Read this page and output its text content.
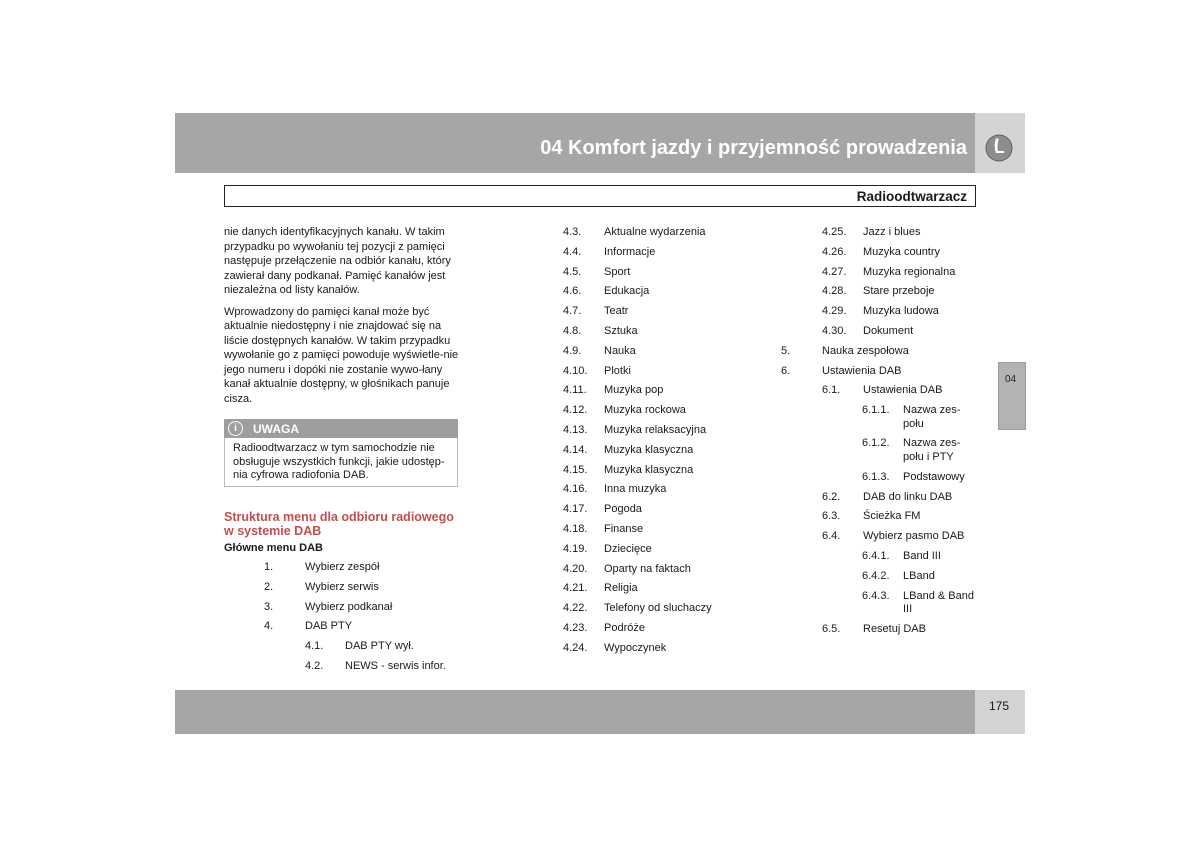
04 Komfort jazdy i przyjemność prowadzenia
Radioodtwarzacz

nie danych identyfikacyjnych kanału. W takim przypadku po wywołaniu tej pozycji z pamięci następuje przełączenie na odbiór kanału, który zawierał dany podkanał. Pamięć kanałów jest niezależna od listy kanałów.

Wprowadzony do pamięci kanał może być aktualnie niedostępny i nie znajdować się na liście dostępnych kanałów. W takim przypadku wywołanie go z pamięci powoduje wyświetle-nie jego numeru i dopóki nie zostanie wywo-łany kanał aktualnie dostępny, w głośnikach panuje cisza.

i	UWAGA
Radioodtwarzacz w tym samochodzie nie obsługuje wszystkich funkcji, jakie udostęp-nia cyfrowa radiofonia DAB.
Struktura menu dla odbioru radiowego w systemie DAB
Główne menu DAB
1.	Wybierz zespół
2.	Wybierz serwis
3.	Wybierz podkanał
4.	DAB PTY
4.1. DAB PTY wył.
4.2. NEWS - serwis infor.
4.3. Aktualne wydarzenia
4.4. Informacje
4.5. Sport
4.6. Edukacja
4.7. Teatr
4.8. Sztuka
4.9. Nauka
4.10. Plotki
4.11. Muzyka pop
4.12. Muzyka rockowa
4.13. Muzyka relaksacyjna
4.14. Muzyka klasyczna
4.15. Muzyka klasyczna
4.16. Inna muzyka
4.17. Pogoda
4.18. Finanse
4.19. Dziecięce
4.20. Oparty na faktach
4.21. Religia
4.22. Telefony od sluchaczy
4.23. Podróże
4.24. Wypoczynek
4.25. Jazz i blues
4.26. Muzyka country
4.27. Muzyka regionalna
4.28. Stare przeboje
4.29. Muzyka ludowa
4.30. Dokument
5.	Nauka zespołowa
6.	Ustawienia DAB
6.1. Ustawienia DAB
6.1.1. Nazwa zes-
połu
6.1.2. Nazwa zes-
połu i PTY
6.1.3. Podstawowy
6.2. DAB do linku DAB
6.3. Ścieżka FM
6.4. Wybierz pasmo DAB
6.4.1. Band III
6.4.2. LBand
6.4.3. LBand & Band
III
6.5. Resetuj DAB
04
175
